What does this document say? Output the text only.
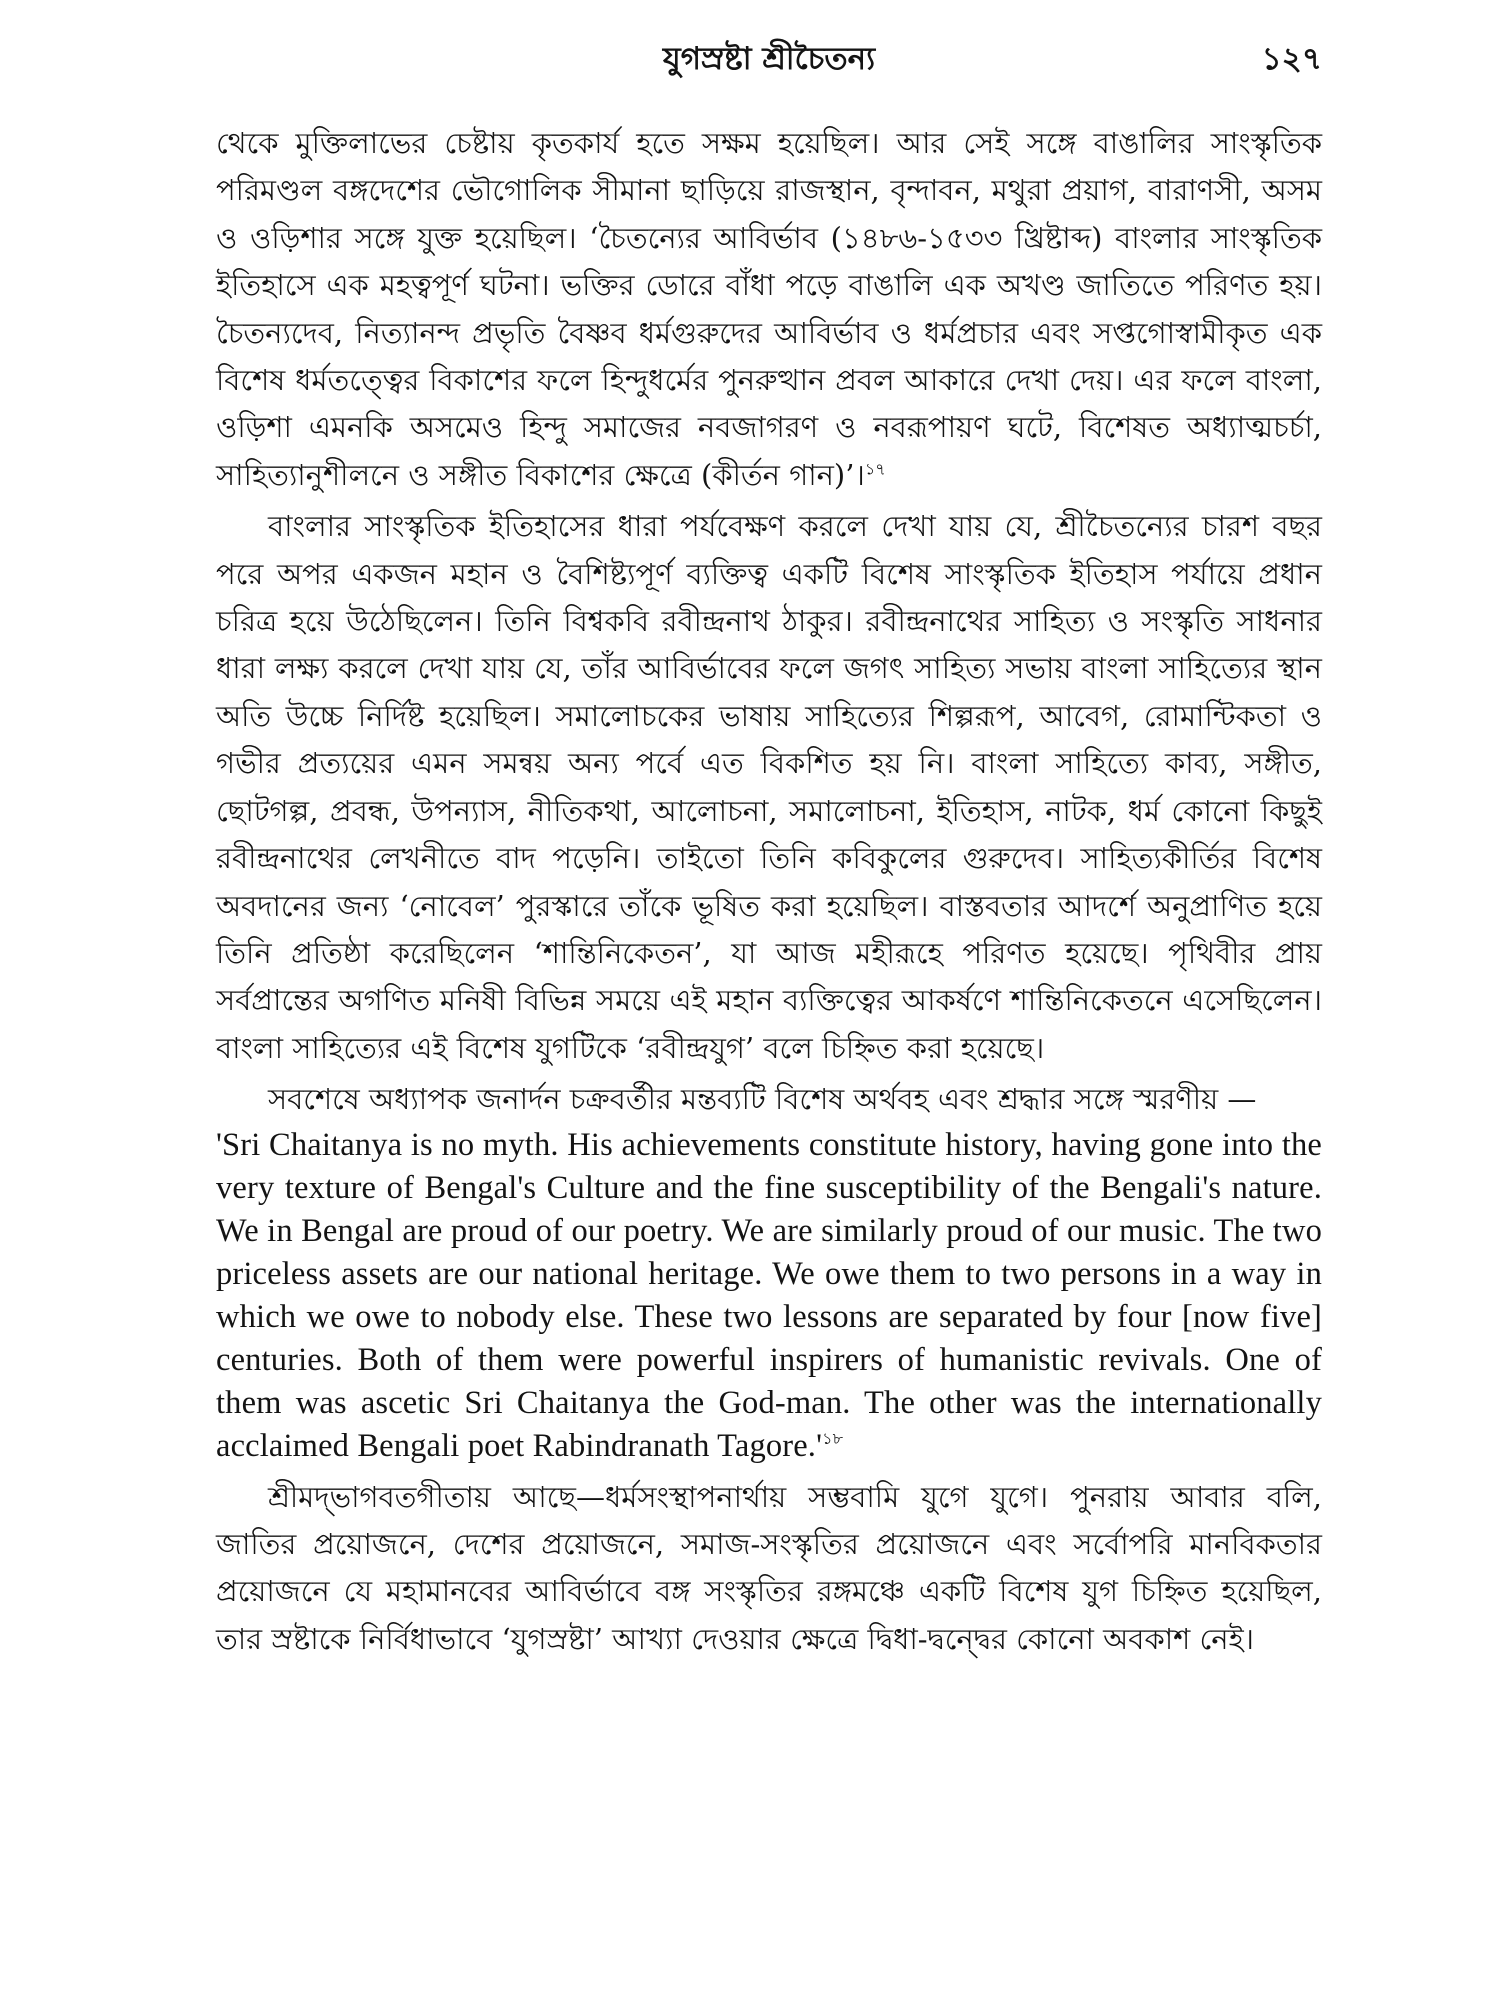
যুগস্রষ্টা শ্রীচৈতন্য	১২৭

থেকে মুক্তিলাভের চেষ্টায় কৃতকার্য হতে সক্ষম হয়েছিল। আর সেই সঙ্গে বাঙালির সাংস্কৃতিক পরিমণ্ডল বঙ্গদেশের ভৌগোলিক সীমানা ছাড়িয়ে রাজস্থান, বৃন্দাবন, মথুরা প্রয়াগ, বারাণসী, অসম ও ওড়িশার সঙ্গে যুক্ত হয়েছিল। ‘চৈতন্যের আবির্ভাব (১৪৮৬-১৫৩৩ খ্রিষ্টাব্দ) বাংলার সাংস্কৃতিক ইতিহাসে এক মহত্বপূর্ণ ঘটনা। ভক্তির ডোরে বাঁধা পড়ে বাঙালি এক অখণ্ড জাতিতে পরিণত হয়। চৈতন্যদেব, নিত্যানন্দ প্রভৃতি বৈষ্ণব ধর্মগুরুদের আবির্ভাব ও ধর্মপ্রচার এবং সপ্তগোস্বামীকৃত এক বিশেষ ধর্মতত্ত্বের বিকাশের ফলে হিন্দুধর্মের পুনরুত্থান প্রবল আকারে দেখা দেয়। এর ফলে বাংলা, ওড়িশা এমনকি অসমেও হিন্দু সমাজের নবজাগরণ ও নবরূপায়ণ ঘটে, বিশেষত অধ্যাত্মচর্চা, সাহিত্যানুশীলনে ও সঙ্গীত বিকাশের ক্ষেত্রে (কীর্তন গান)’।$^{১৭}$

বাংলার সাংস্কৃতিক ইতিহাসের ধারা পর্যবেক্ষণ করলে দেখা যায় যে, শ্রীচৈতন্যের চারশ বছর পরে অপর একজন মহান ও বৈশিষ্ট্যপূর্ণ ব্যক্তিত্ব একটি বিশেষ সাংস্কৃতিক ইতিহাস পর্যায়ে প্রধান চরিত্র হয়ে উঠেছিলেন। তিনি বিশ্বকবি রবীন্দ্রনাথ ঠাকুর। রবীন্দ্রনাথের সাহিত্য ও সংস্কৃতি সাধনার ধারা লক্ষ্য করলে দেখা যায় যে, তাঁর আবির্ভাবের ফলে জগৎ সাহিত্য সভায় বাংলা সাহিত্যের স্থান অতি উচ্চে নির্দিষ্ট হয়েছিল। সমালোচকের ভাষায় সাহিত্যের শিল্পরূপ, আবেগ, রোমান্টিকতা ও গভীর প্রত্যয়ের এমন সমন্বয় অন্য পর্বে এত বিকশিত হয় নি। বাংলা সাহিত্যে কাব্য, সঙ্গীত, ছোটগল্প, প্রবন্ধ, উপন্যাস, নীতিকথা, আলোচনা, সমালোচনা, ইতিহাস, নাটক, ধর্ম কোনো কিছুই রবীন্দ্রনাথের লেখনীতে বাদ পড়েনি। তাইতো তিনি কবিকুলের গুরুদেব। সাহিত্যকীর্তির বিশেষ অবদানের জন্য ‘নোবেল’ পুরস্কারে তাঁকে ভূষিত করা হয়েছিল। বাস্তবতার আদর্শে অনুপ্রাণিত হয়ে তিনি প্রতিষ্ঠা করেছিলেন ‘শান্তিনিকেতন’, যা আজ মহীরূহে পরিণত হয়েছে। পৃথিবীর প্রায় সর্বপ্রান্তের অগণিত মনিষী বিভিন্ন সময়ে এই মহান ব্যক্তিত্বের আকর্ষণে শান্তিনিকেতনে এসেছিলেন। বাংলা সাহিত্যের এই বিশেষ যুগটিকে ‘রবীন্দ্রযুগ’ বলে চিহ্নিত করা হয়েছে।

সবশেষে অধ্যাপক জনার্দন চক্রবর্তীর মন্তব্যটি বিশেষ অর্থবহ এবং শ্রদ্ধার সঙ্গে স্মরণীয় —

'Sri Chaitanya is no myth. His achievements constitute history, having gone into the very texture of Bengal's Culture and the fine susceptibility of the Bengali's nature. We in Bengal are proud of our poetry. We are similarly proud of our music. The two priceless assets are our national heritage. We owe them to two persons in a way in which we owe to nobody else. These two lessons are separated by four [now five] centuries. Both of them were powerful inspirers of humanistic revivals. One of them was ascetic Sri Chaitanya the God-man. The other was the internationally acclaimed Bengali poet Rabindranath Tagore.'$^{১৮}$

শ্রীমদ্‌ভাগবতগীতায় আছে—ধর্মসংস্থাপনার্থায় সম্ভবামি যুগে যুগে। পুনরায় আবার বলি, জাতির প্রয়োজনে, দেশের প্রয়োজনে, সমাজ-সংস্কৃতির প্রয়োজনে এবং সর্বোপরি মানবিকতার প্রয়োজনে যে মহামানবের আবির্ভাবে বঙ্গ সংস্কৃতির রঙ্গমঞ্চে একটি বিশেষ যুগ চিহ্নিত হয়েছিল, তার স্রষ্টাকে নির্বিধাভাবে ‘যুগস্রষ্টা’ আখ্যা দেওয়ার ক্ষেত্রে দ্বিধা-দ্বন্দ্বের কোনো অবকাশ নেই।
